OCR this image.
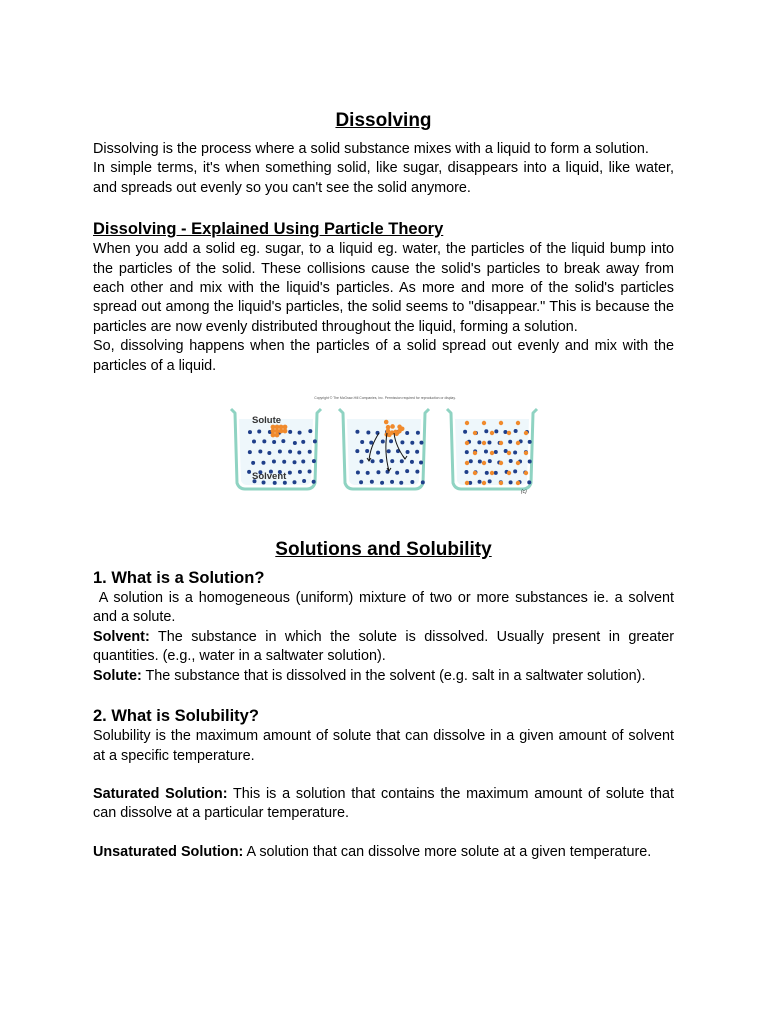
Dissolving

Dissolving is the process where a solid substance mixes with a liquid to form a solution.

In simple terms, it's when something solid, like sugar, disappears into a liquid, like water, and spreads out evenly so you can't see the solid anymore.

Dissolving - Explained Using Particle Theory

When you add a solid eg. sugar, to a liquid eg. water, the particles of the liquid bump into the particles of the solid. These collisions cause the solid's particles to break away from each other and mix with the liquid's particles. As more and more of the solid's particles spread out among the liquid's particles, the solid seems to "disappear." This is because the particles are now evenly distributed throughout the liquid, forming a solution.

So, dissolving happens when the particles of a solid spread out evenly and mix with the particles of a liquid.

Copyright © The McGraw-Hill Companies, Inc. Permission required for reproduction or display.
Solute
Solvent
(c)
Solutions and Solubility
1. What is a Solution?

A solution is a homogeneous (uniform) mixture of two or more substances ie. a solvent and a solute.

Solvent: The substance in which the solute is dissolved. Usually present in greater quantities. (e.g., water in a saltwater solution).

Solute: The substance that is dissolved in the solvent (e.g. salt in a saltwater solution).

2. What is Solubility?

Solubility is the maximum amount of solute that can dissolve in a given amount of solvent at a specific temperature.

Saturated Solution: This is a solution that contains the maximum amount of solute that can dissolve at a particular temperature.

Unsaturated Solution: A solution that can dissolve more solute at a given temperature.
